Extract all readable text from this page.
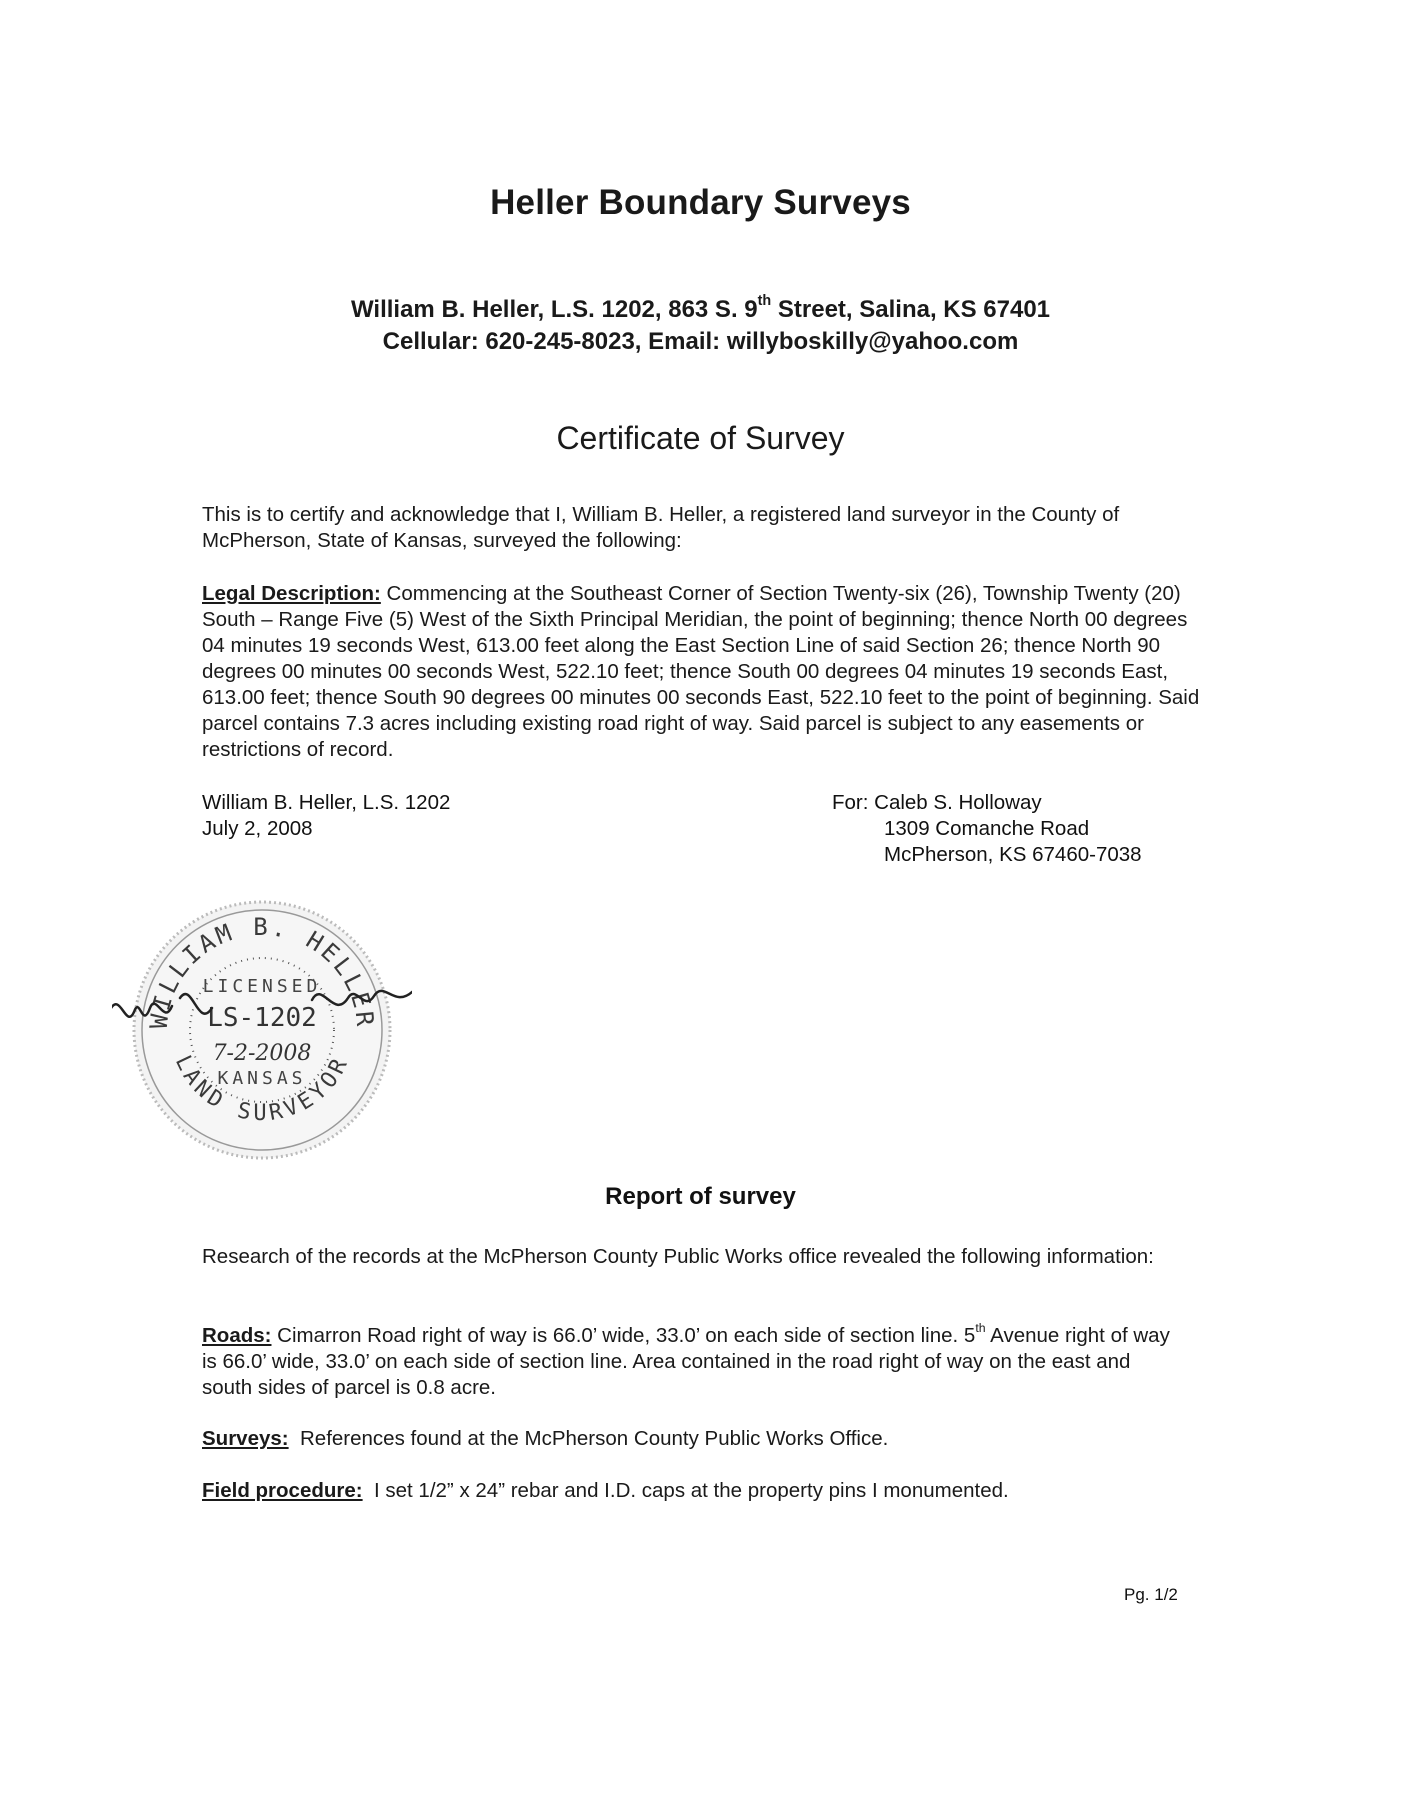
Heller Boundary Surveys
William B. Heller, L.S. 1202, 863 S. 9th Street, Salina, KS 67401
Cellular: 620-245-8023, Email: willyboskilly@yahoo.com
Certificate of Survey
This is to certify and acknowledge that I, William B. Heller, a registered land surveyor in the County of McPherson, State of Kansas, surveyed the following:
Legal Description: Commencing at the Southeast Corner of Section Twenty-six (26), Township Twenty (20) South – Range Five (5) West of the Sixth Principal Meridian, the point of beginning; thence North 00 degrees 04 minutes 19 seconds West, 613.00 feet along the East Section Line of said Section 26; thence North 90 degrees 00 minutes 00 seconds West, 522.10 feet; thence South 00 degrees 04 minutes 19 seconds East, 613.00 feet; thence South 90 degrees 00 minutes 00 seconds East, 522.10 feet to the point of beginning. Said parcel contains 7.3 acres including existing road right of way. Said parcel is subject to any easements or restrictions of record.
William B. Heller, L.S. 1202
July 2, 2008
For: Caleb S. Holloway
1309 Comanche Road
McPherson, KS 67460-7038
WILLIAM B. HELLER
LAND SURVEYOR
LICENSED
LS-1202
7-2-2008
KANSAS
Report of survey
Research of the records at the McPherson County Public Works office revealed the following information:
Roads: Cimarron Road right of way is 66.0’ wide, 33.0’ on each side of section line. 5th Avenue right of way is 66.0’ wide, 33.0’ on each side of section line. Area contained in the road right of way on the east and south sides of parcel is 0.8 acre.
Surveys:  References found at the McPherson County Public Works Office.
Field procedure:  I set 1/2” x 24” rebar and I.D. caps at the property pins I monumented.
Pg. 1/2
